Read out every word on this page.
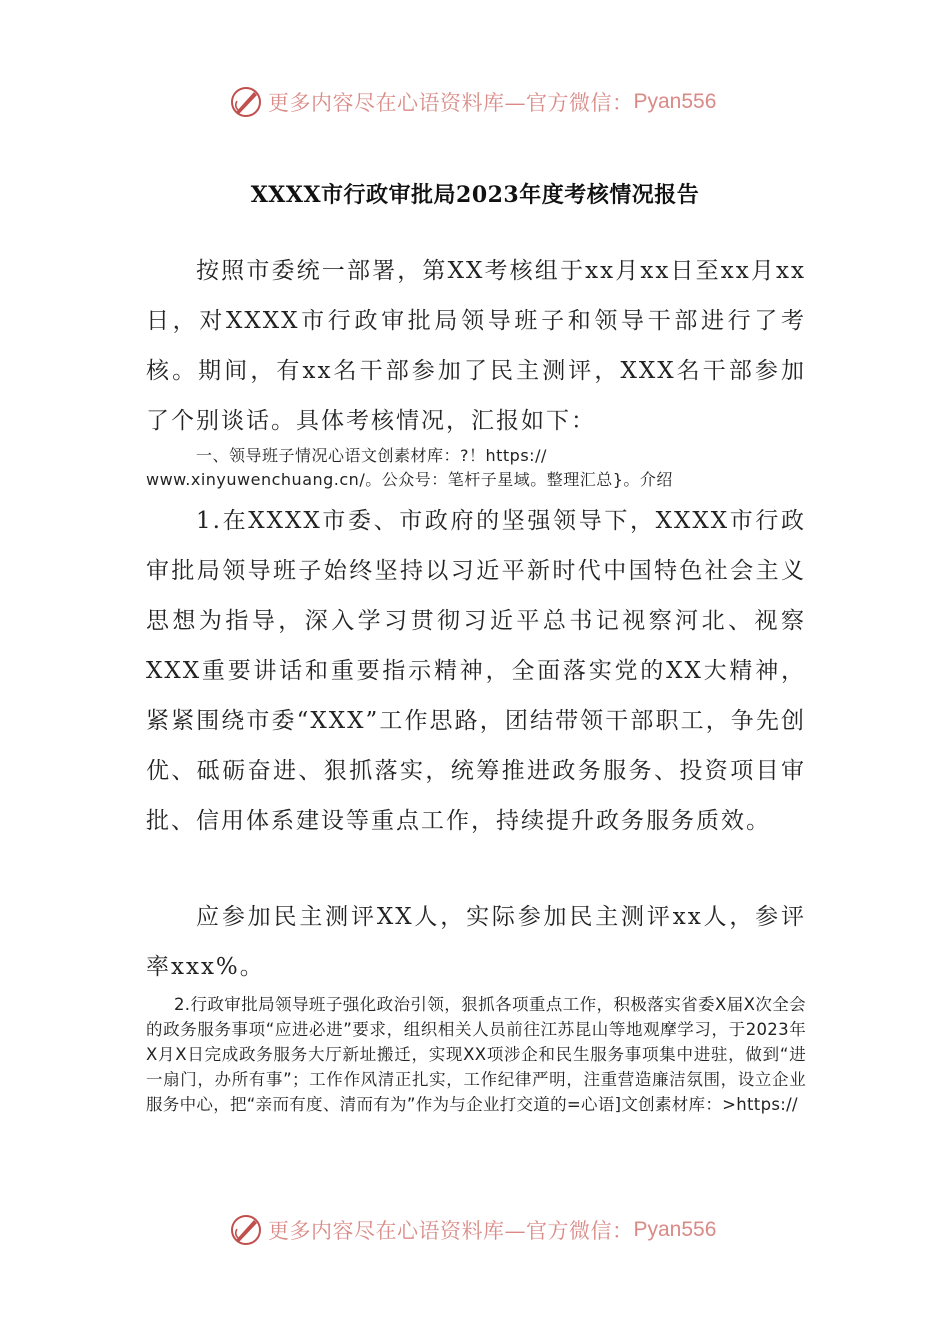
更多内容尽在心语资料库—官方微信： Pyan556
XXXX市行政审批局2023年度考核情况报告
按照市委统一部署，第XX考核组于xx月xx日至xx月xx日，对XXXX市行政审批局领导班子和领导干部进行了考核。期间，有xx名干部参加了民主测评，XXX名干部参加了个别谈话。具体考核情况，汇报如下：
一、领导班子情况心语文创素材库：?！https://
www.xinyuwenchuang.cn/。公众号：笔杆子星域。整理汇总}。介绍
1.在XXXX市委、市政府的坚强领导下，XXXX市行政审批局领导班子始终坚持以习近平新时代中国特色社会主义思想为指导，深入学习贯彻习近平总书记视察河北、视察XXX重要讲话和重要指示精神，全面落实党的XX大精神，紧紧围绕市委“XXX”工作思路，团结带领干部职工，争先创优、砥砺奋进、狠抓落实，统筹推进政务服务、投资项目审批、信用体系建设等重点工作，持续提升政务服务质效。
应参加民主测评XX人，实际参加民主测评xx人，参评率xxx%。
2.行政审批局领导班子强化政治引领，狠抓各项重点工作，积极落实省委X届X次全会的政务服务事项“应进必进”要求，组织相关人员前往江苏昆山等地观摩学习，于2023年X月X日完成政务服务大厅新址搬迁，实现XX项涉企和民生服务事项集中进驻，做到“进一扇门，办所有事”；工作作风清正扎实，工作纪律严明，注重营造廉洁氛围，设立企业服务中心，把“亲而有度、清而有为”作为与企业打交道的=心语]文创素材库：>https://
更多内容尽在心语资料库—官方微信： Pyan556
